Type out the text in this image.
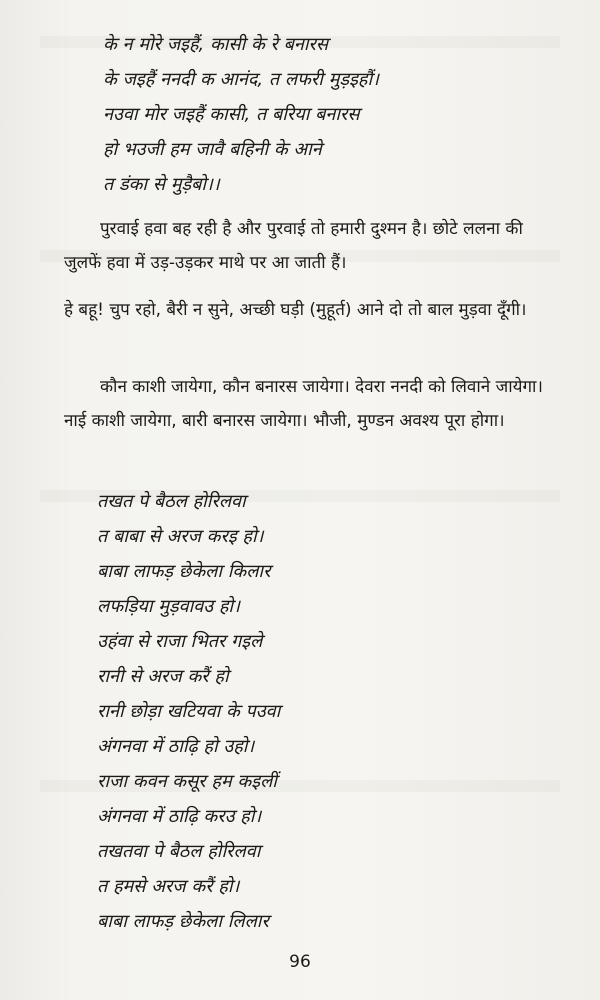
के न मोरे जइहैं, कासी के रे बनारस
के जइहैं ननदी क आनंद, त लफरी मुड़इहौं।
नउवा मोर जइहैं कासी, त बरिया बनारस
हो भउजी हम जावै बहिनी के आने
त डंका से मुड़ैबो।।

पुरवाई हवा बह रही है और पुरवाई तो हमारी दुश्मन है। छोटे ललना की जुलफें हवा में उड़-उड़कर माथे पर आ जाती हैं।

हे बहू! चुप रहो, बैरी न सुने, अच्छी घड़ी (मुहूर्त) आने दो तो बाल मुड़वा दूँगी।

कौन काशी जायेगा, कौन बनारस जायेगा। देवरा ननदी को लिवाने जायेगा। नाई काशी जायेगा, बारी बनारस जायेगा। भौजी, मुण्डन अवश्य पूरा होगा।

तखत पे बैठल होरिलवा
त बाबा से अरज करइ हो।
बाबा लाफड़ छेकेला किलार
लफड़िया मुड़वावउ हो।
उहंवा से राजा भितर गइले
रानी से अरज करैं हो
रानी छोड़ा खटियवा के पउवा
अंगनवा में ठाढ़ि हो उहो।
राजा कवन कसूर हम कइलीं
अंगनवा में ठाढ़ि करउ हो।
तखतवा पे बैठल होरिलवा
त हमसे अरज करैं हो।
बाबा लाफड़ छेकेला लिलार
96
